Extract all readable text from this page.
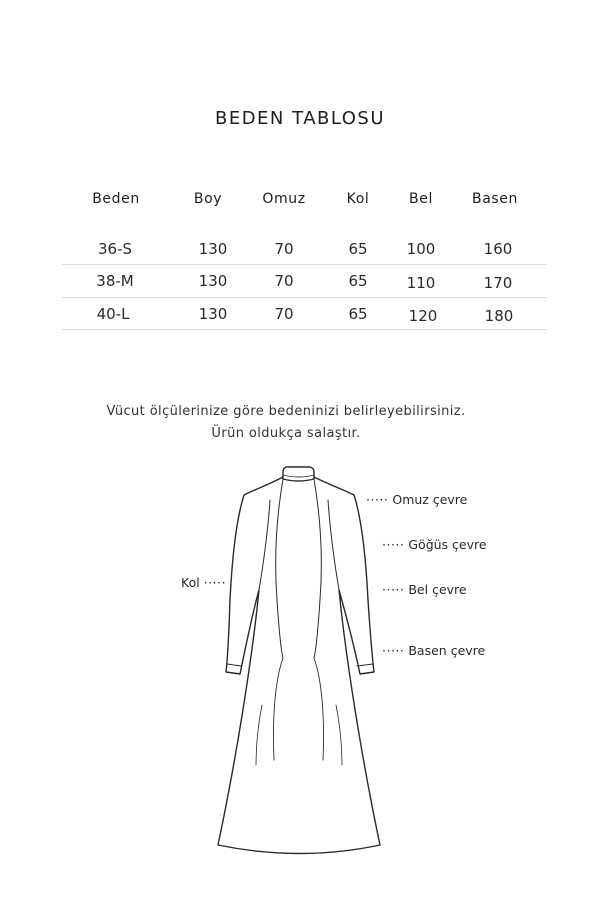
BEDEN TABLOSU
Beden	Boy	Omuz	Kol	Bel	Basen
36-S	130	70	65	100	160
38-M	130	70	65	110	170
40-L	130	70	65	120	180
Vücut ölçülerinize göre bedeninizi belirleyebilirsiniz.
Ürün oldukça salaştır.
····· Omuz çevre
····· Göğüs çevre
····· Bel çevre
····· Basen çevre
Kol ·····
